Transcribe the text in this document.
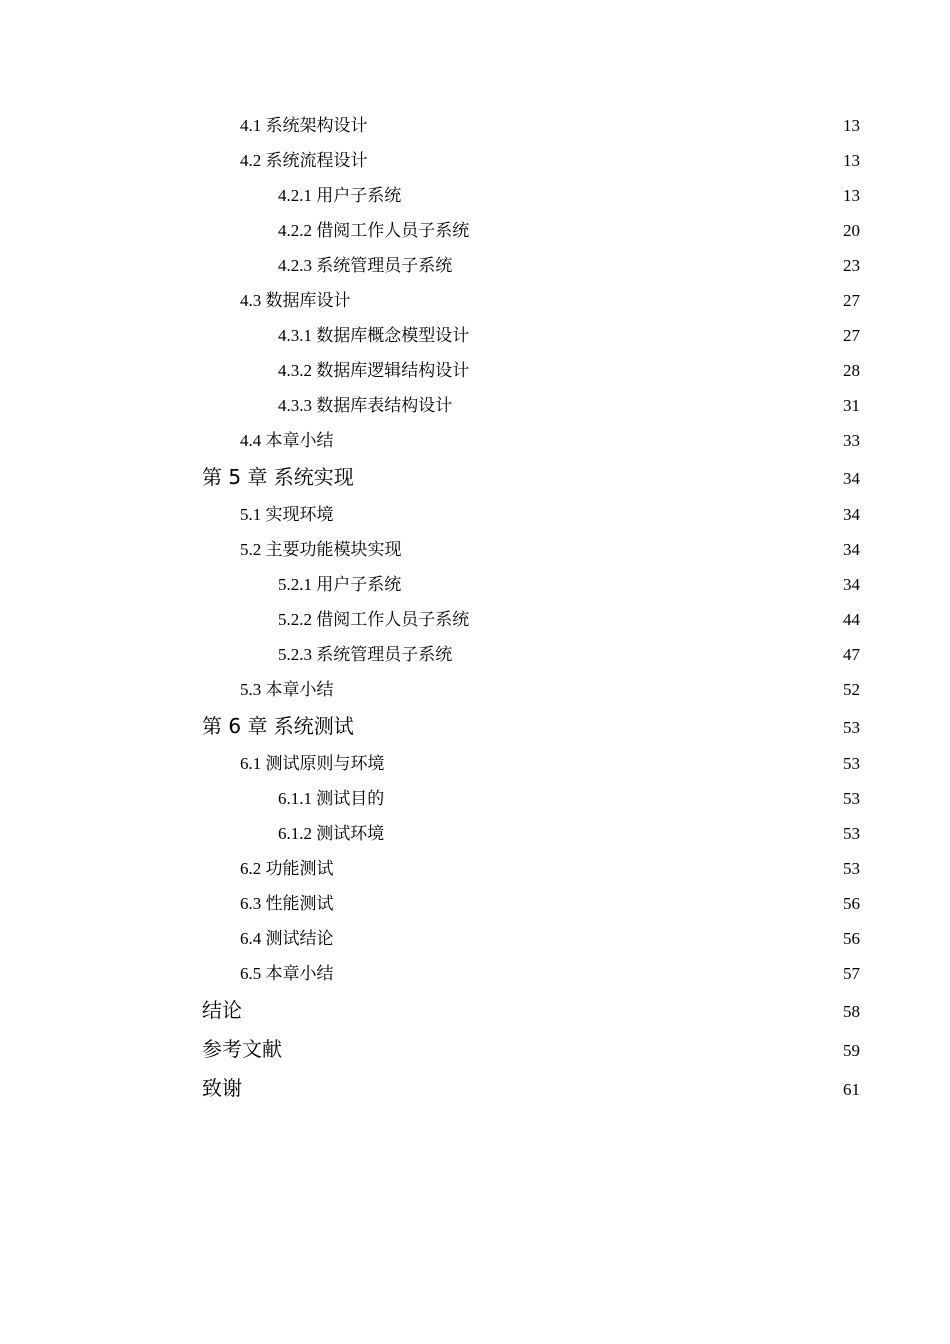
4.1 系统架构设计 .....	13
4.2 系统流程设计 .....	13
4.2.1 用户子系统 .....	13
4.2.2 借阅工作人员子系统 .....	20
4.2.3 系统管理员子系统 .....	23
4.3 数据库设计 .....	27
4.3.1 数据库概念模型设计 .....	27
4.3.2 数据库逻辑结构设计 .....	28
4.3.3 数据库表结构设计 .....	31
4.4 本章小结 .....	33
第 5 章 系统实现 .....	34
5.1 实现环境 .....	34
5.2 主要功能模块实现 .....	34
5.2.1 用户子系统 .....	34
5.2.2 借阅工作人员子系统 .....	44
5.2.3 系统管理员子系统 .....	47
5.3 本章小结 .....	52
第 6 章 系统测试 .....	53
6.1 测试原则与环境 .....	53
6.1.1 测试目的 .....	53
6.1.2 测试环境 .....	53
6.2 功能测试 .....	53
6.3 性能测试 .....	56
6.4 测试结论 .....	56
6.5 本章小结 .....	57
结论 .....	58
参考文献 .....	59
致谢 .....	61
